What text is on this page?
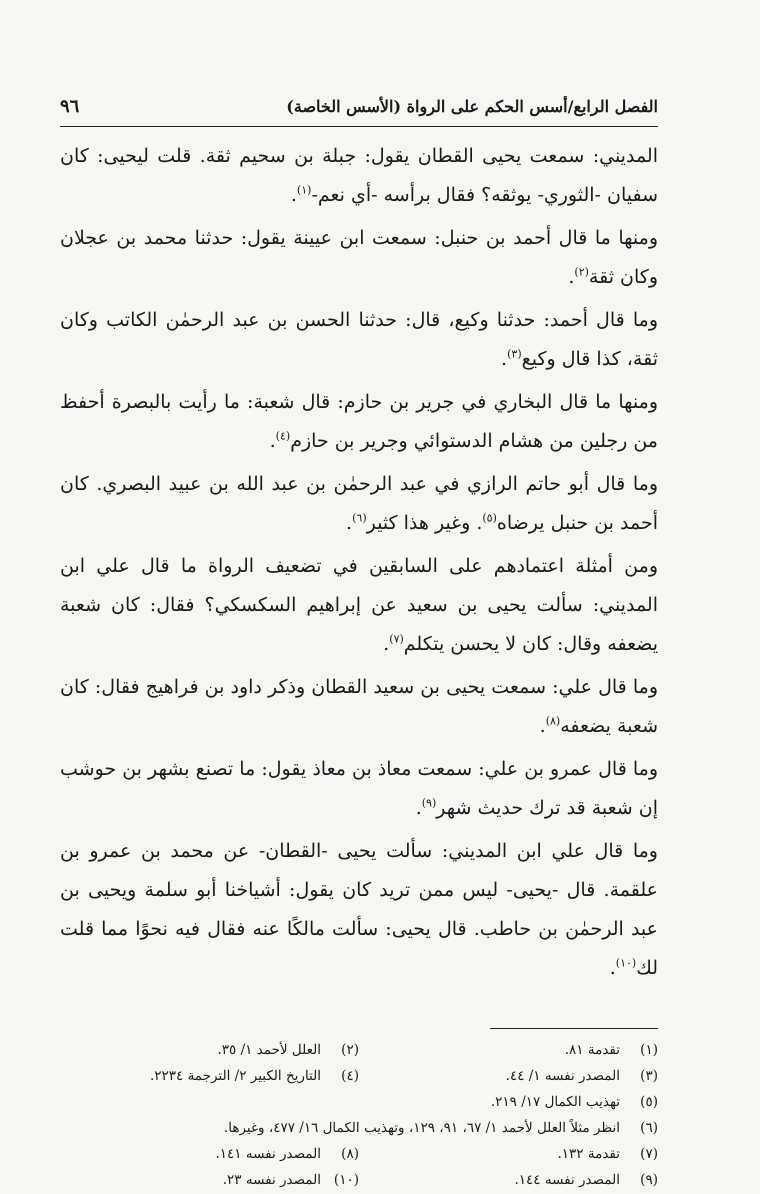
الفصل الرابع/أسس الحكم على الرواة (الأسس الخاصة)
٩٦

المديني: سمعت يحيى القطان يقول: جبلة بن سحيم ثقة. قلت ليحيى: كان سفيان -الثوري- يوثقه؟ فقال برأسه -أي نعم-$^{(١)}$.

ومنها ما قال أحمد بن حنبل: سمعت ابن عيينة يقول: حدثنا محمد بن عجلان وكان ثقة$^{(٢)}$.

وما قال أحمد: حدثنا وكيع، قال: حدثنا الحسن بن عبد الرحمٰن الكاتب وكان ثقة، كذا قال وكيع$^{(٣)}$.

ومنها ما قال البخاري في جرير بن حازم: قال شعبة: ما رأيت بالبصرة أحفظ من رجلين من هشام الدستوائي وجرير بن حازم$^{(٤)}$.

وما قال أبو حاتم الرازي في عبد الرحمٰن بن عبد الله بن عبيد البصري. كان أحمد بن حنبل يرضاه$^{(٥)}$. وغير هذا كثير$^{(٦)}$.

ومن أمثلة اعتمادهم على السابقين في تضعيف الرواة ما قال علي ابن المديني: سألت يحيى بن سعيد عن إبراهيم السكسكي؟ فقال: كان شعبة يضعفه وقال: كان لا يحسن يتكلم$^{(٧)}$.

وما قال علي: سمعت يحيى بن سعيد القطان وذكر داود بن فراهيج فقال: كان شعبة يضعفه$^{(٨)}$.

وما قال عمرو بن علي: سمعت معاذ بن معاذ يقول: ما تصنع بشهر بن حوشب إن شعبة قد ترك حديث شهر$^{(٩)}$.

وما قال علي ابن المديني: سألت يحيى -القطان- عن محمد بن عمرو بن علقمة. قال -يحيى- ليس ممن تريد كان يقول: أشياخنا أبو سلمة ويحيى بن عبد الرحمٰن بن حاطب. قال يحيى: سألت مالكًا عنه فقال فيه نحوًا مما قلت لك$^{(١٠)}$.

(١)
تقدمة ٨١.
(٢)
العلل لأحمد ١/ ٣٥.
(٣)
المصدر نفسه ١/ ٤٤.
(٤)
التاريخ الكبير ٢/ الترجمة ٢٢٣٤.
(٥)
تهذيب الكمال ١٧/ ٢١٩.
(٦)
انظر مثلاً العلل لأحمد ١/ ٦٧، ٩١، ١٢٩، وتهذيب الكمال ١٦/ ٤٧٧، وغيرها.
(٧)
تقدمة ١٣٢.
(٨)
المصدر نفسه ١٤١.
(٩)
المصدر نفسه ١٤٤.
(١٠)
المصدر نفسه ٢٣.
